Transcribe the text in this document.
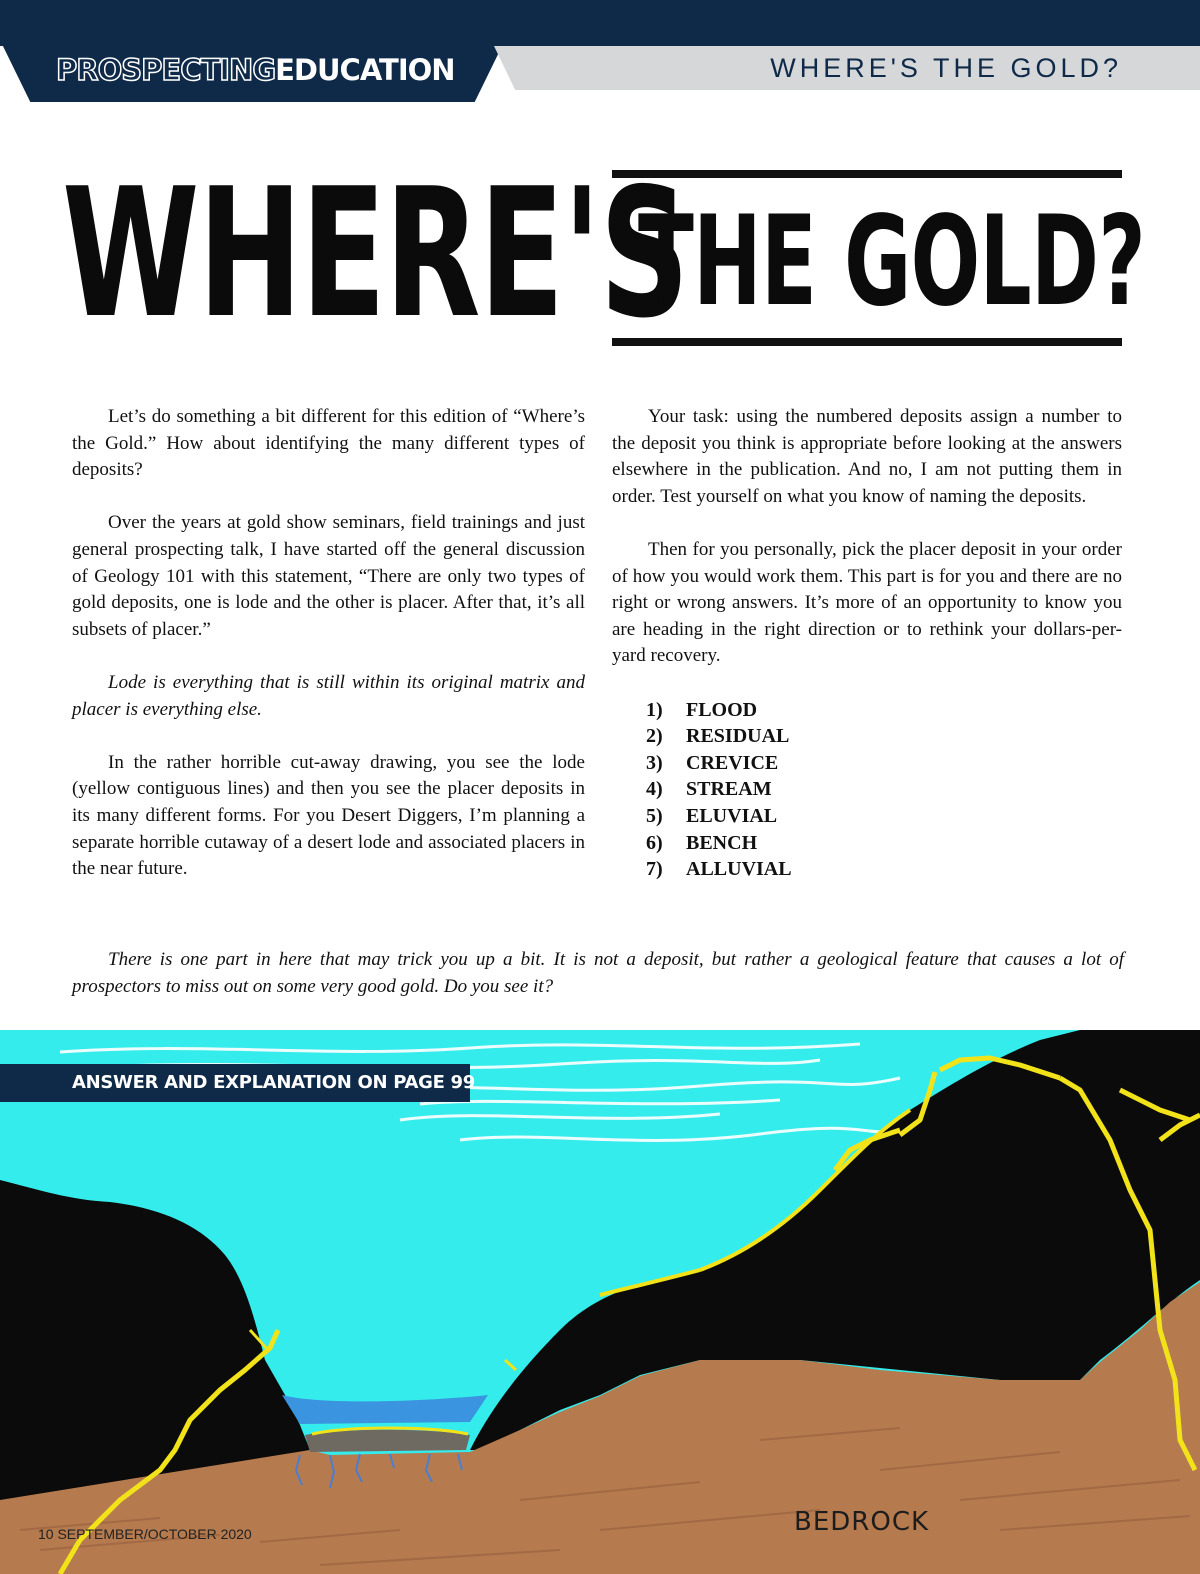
PROSPECTINGEDUCATION	WHERE'S THE GOLD?
WHERE'S
THE GOLD?

Let’s do something a bit different for this edition of “Where’s the Gold.” How about identifying the many different types of deposits?

Over the years at gold show seminars, field trainings and just general prospecting talk, I have started off the general discussion of Geology 101 with this statement, “There are only two types of gold deposits, one is lode and the other is placer. After that, it’s all subsets of placer.”

Lode is everything that is still within its original matrix and placer is everything else.

In the rather horrible cut-away drawing, you see the lode (yellow contiguous lines) and then you see the placer deposits in its many different forms. For you Desert Diggers, I’m planning a separate horrible cutaway of a desert lode and associated placers in the near future.

Your task: using the numbered deposits assign a number to the deposit you think is appropriate before looking at the answers elsewhere in the publication. And no, I am not putting them in order. Test yourself on what you know of naming the deposits.

Then for you personally, pick the placer deposit in your order of how you would work them. This part is for you and there are no right or wrong answers. It’s more of an opportunity to know you are heading in the right direction or to rethink your dollars-per-yard recovery.

1)	FLOOD
2)	RESIDUAL
3)	CREVICE
4)	STREAM
5)	ELUVIAL
6)	BENCH
7)	ALLUVIAL

There is one part in here that may trick you up a bit. It is not a deposit, but rather a geological feature that causes a lot of prospectors to miss out on some very good gold. Do you see it?

ANSWER AND EXPLANATION ON PAGE 99
BEDROCK
10 SEPTEMBER/OCTOBER 2020
